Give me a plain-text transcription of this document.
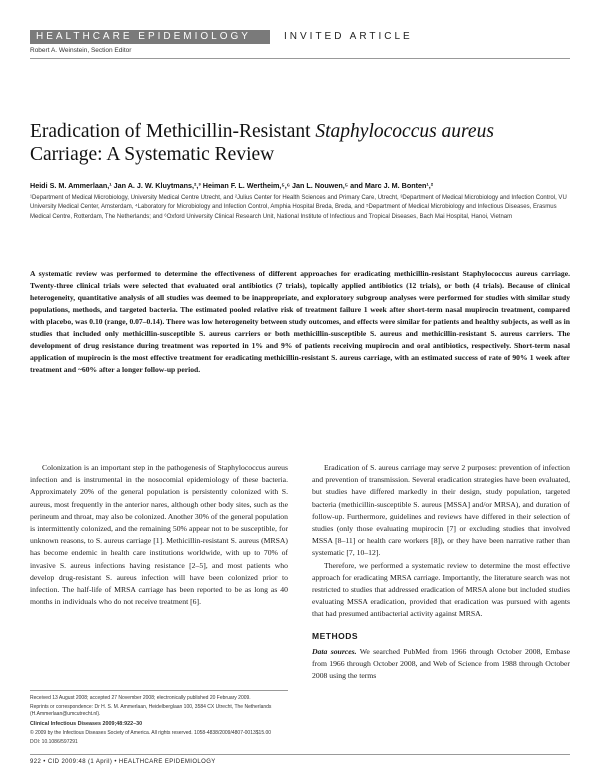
HEALTHCARE EPIDEMIOLOGY	INVITED ARTICLE
Robert A. Weinstein, Section Editor
Eradication of Methicillin-Resistant Staphylococcus aureus
Carriage: A Systematic Review
Heidi S. M. Ammerlaan,¹ Jan A. J. W. Kluytmans,²,³ Heiman F. L. Wertheim,⁵,⁶ Jan L. Nouwen,⁵ and Marc J. M. Bonten¹,²
¹Department of Medical Microbiology, University Medical Centre Utrecht, and ²Julius Center for Health Sciences and Primary Care, Utrecht, ³Department of Medical Microbiology and Infection Control, VU University Medical Center, Amsterdam, ⁴Laboratory for Microbiology and Infection Control, Amphia Hospital Breda, Breda, and ⁵Department of Medical Microbiology and Infectious Diseases, Erasmus Medical Centre, Rotterdam, The Netherlands; and ⁶Oxford University Clinical Research Unit, National Institute of Infectious and Tropical Diseases, Bach Mai Hospital, Hanoi, Vietnam
A systematic review was performed to determine the effectiveness of different approaches for eradicating methicillin-resistant Staphylococcus aureus carriage. Twenty-three clinical trials were selected that evaluated oral antibiotics (7 trials), topically applied antibiotics (12 trials), or both (4 trials). Because of clinical heterogeneity, quantitative analysis of all studies was deemed to be inappropriate, and exploratory subgroup analyses were performed for studies with similar study populations, methods, and targeted bacteria. The estimated pooled relative risk of treatment failure 1 week after short-term nasal mupirocin treatment, compared with placebo, was 0.10 (range, 0.07–0.14). There was low heterogeneity between study outcomes, and effects were similar for patients and healthy subjects, as well as in studies that included only methicillin-susceptible S. aureus carriers or both methicillin-susceptible S. aureus and methicillin-resistant S. aureus carriers. The development of drug resistance during treatment was reported in 1% and 9% of patients receiving mupirocin and oral antibiotics, respectively. Short-term nasal application of mupirocin is the most effective treatment for eradicating methicillin-resistant S. aureus carriage, with an estimated success of rate of 90% 1 week after treatment and ~60% after a longer follow-up period.

Colonization is an important step in the pathogenesis of Staphylococcus aureus infection and is instrumental in the nosocomial epidemiology of these bacteria. Approximately 20% of the general population is persistently colonized with S. aureus, most frequently in the anterior nares, although other body sites, such as the perineum and throat, may also be colonized. Another 30% of the general population is intermittently colonized, and the remaining 50% appear not to be susceptible, for unknown reasons, to S. aureus carriage [1]. Methicillin-resistant S. aureus (MRSA) has become endemic in health care institutions worldwide, with up to 70% of invasive S. aureus infections having resistance [2–5], and most patients who develop drug-resistant S. aureus infection will have been colonized prior to infection. The half-life of MRSA carriage has been reported to be as long as 40 months in individuals who do not receive treatment [6].

Received 13 August 2008; accepted 27 November 2008; electronically published 20 February 2009.

Reprints or correspondence: Dr H. S. M. Ammerlaan, Heidelberglaan 100, 3584 CX Utrecht, The Netherlands (H.Ammerlaan@umcutrecht.nl).

Clinical Infectious Diseases 2009;48:922–30

© 2009 by the Infectious Diseases Society of America. All rights reserved. 1058-4838/2009/4807-0013$15.00

DOI: 10.1086/597291

Eradication of S. aureus carriage may serve 2 purposes: prevention of infection and prevention of transmission. Several eradication strategies have been evaluated, but studies have differed markedly in their design, study population, targeted bacteria (methicillin-susceptible S. aureus [MSSA] and/or MRSA), and duration of follow-up. Furthermore, guidelines and reviews have differed in their selection of studies (only those evaluating mupirocin [7] or excluding studies that involved MSSA [8–11] or health care workers [8]), or they have been narrative rather than systematic [7, 10–12].

Therefore, we performed a systematic review to determine the most effective approach for eradicating MRSA carriage. Importantly, the literature search was not restricted to studies that addressed eradication of MRSA alone but included studies evaluating MSSA eradication, provided that eradication was pursued with agents that had presumed antibacterial activity against MRSA.

METHODS

Data sources. We searched PubMed from 1966 through October 2008, Embase from 1966 through October 2008, and Web of Science from 1988 through October 2008 using the terms

922 • CID 2009:48 (1 April) • HEALTHCARE EPIDEMIOLOGY
